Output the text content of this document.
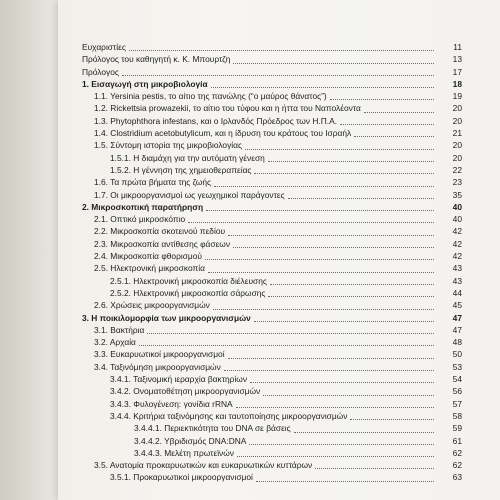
Ευχαριστίες	11
Πρόλογος του καθηγητή κ. Κ. Μπουρτζη	13
Πρόλογος	17
1. Εισαγωγή στη μικροβιολογία	18
1.1. Yersinia pestis, το αίτιο της πανώλης (“ο μαύρος θάνατος”)	19
1.2. Rickettsia prowazekii, το αίτιο του τύφου και η ήττα του Ναπολέοντα	20
1.3. Phytophthora infestans, και ο Ιρλανδός Πρόεδρος των Η.Π.Α.	20
1.4. Clostridium acetobutylicum, και η ίδρυση του κράτους του Ισραήλ	21
1.5. Σύντομη ιστορία της μικροβιολογίας	20
1.5.1. Η διαμάχη για την αυτόματη γένεση	20
1.5.2. Η γέννηση της χημειοθεραπείας	22
1.6. Τα πρώτα βήματα της ζωής	23
1.7. Οι μικροοργανισμοί ως γεωχημικοί παράγοντες	35
2. Μικροσκοπική παρατήρηση	40
2.1. Οπτικό μικροσκόπιο	40
2.2. Μικροσκοπία σκοτεινού πεδίου	42
2.3. Μικροσκοπία αντίθεσης φάσεων	42
2.4. Μικροσκοπία φθορισμού	42
2.5. Ηλεκτρονική μικροσκοπία	43
2.5.1. Ηλεκτρονική μικροσκοπία διέλευσης	43
2.5.2. Ηλεκτρονική μικροσκοπία σάρωσης	44
2.6. Χρώσεις μικροοργανισμών	45
3. Η ποικιλομορφία των μικροοργανισμών	47
3.1. Βακτήρια	47
3.2. Αρχαία	48
3.3. Ευκαρυωτικοί μικροοργανισμοί	50
3.4. Ταξινόμηση μικροοργανισμών	53
3.4.1. Ταξινομική ιεραρχία βακτηρίων	54
3.4.2. Ονοματοθέτηση μικροοργανισμών	56
3.4.3. Φυλογένεση: γονίδια rRNA	57
3.4.4. Κριτήρια ταξινόμησης και ταυτοποίησης μικροοργανισμών	58
3.4.4.1. Περιεκτικότητα του DNA σε βάσεις	59
3.4.4.2. Υβριδισμός DNA:DNA	61
3.4.4.3. Μελέτη πρωτεϊνών	62
3.5. Ανατομία προκαρυωτικών και ευκαρυωτικών κυττάρων	62
3.5.1. Προκαρυωτικοί μικροοργανισμοί	63
